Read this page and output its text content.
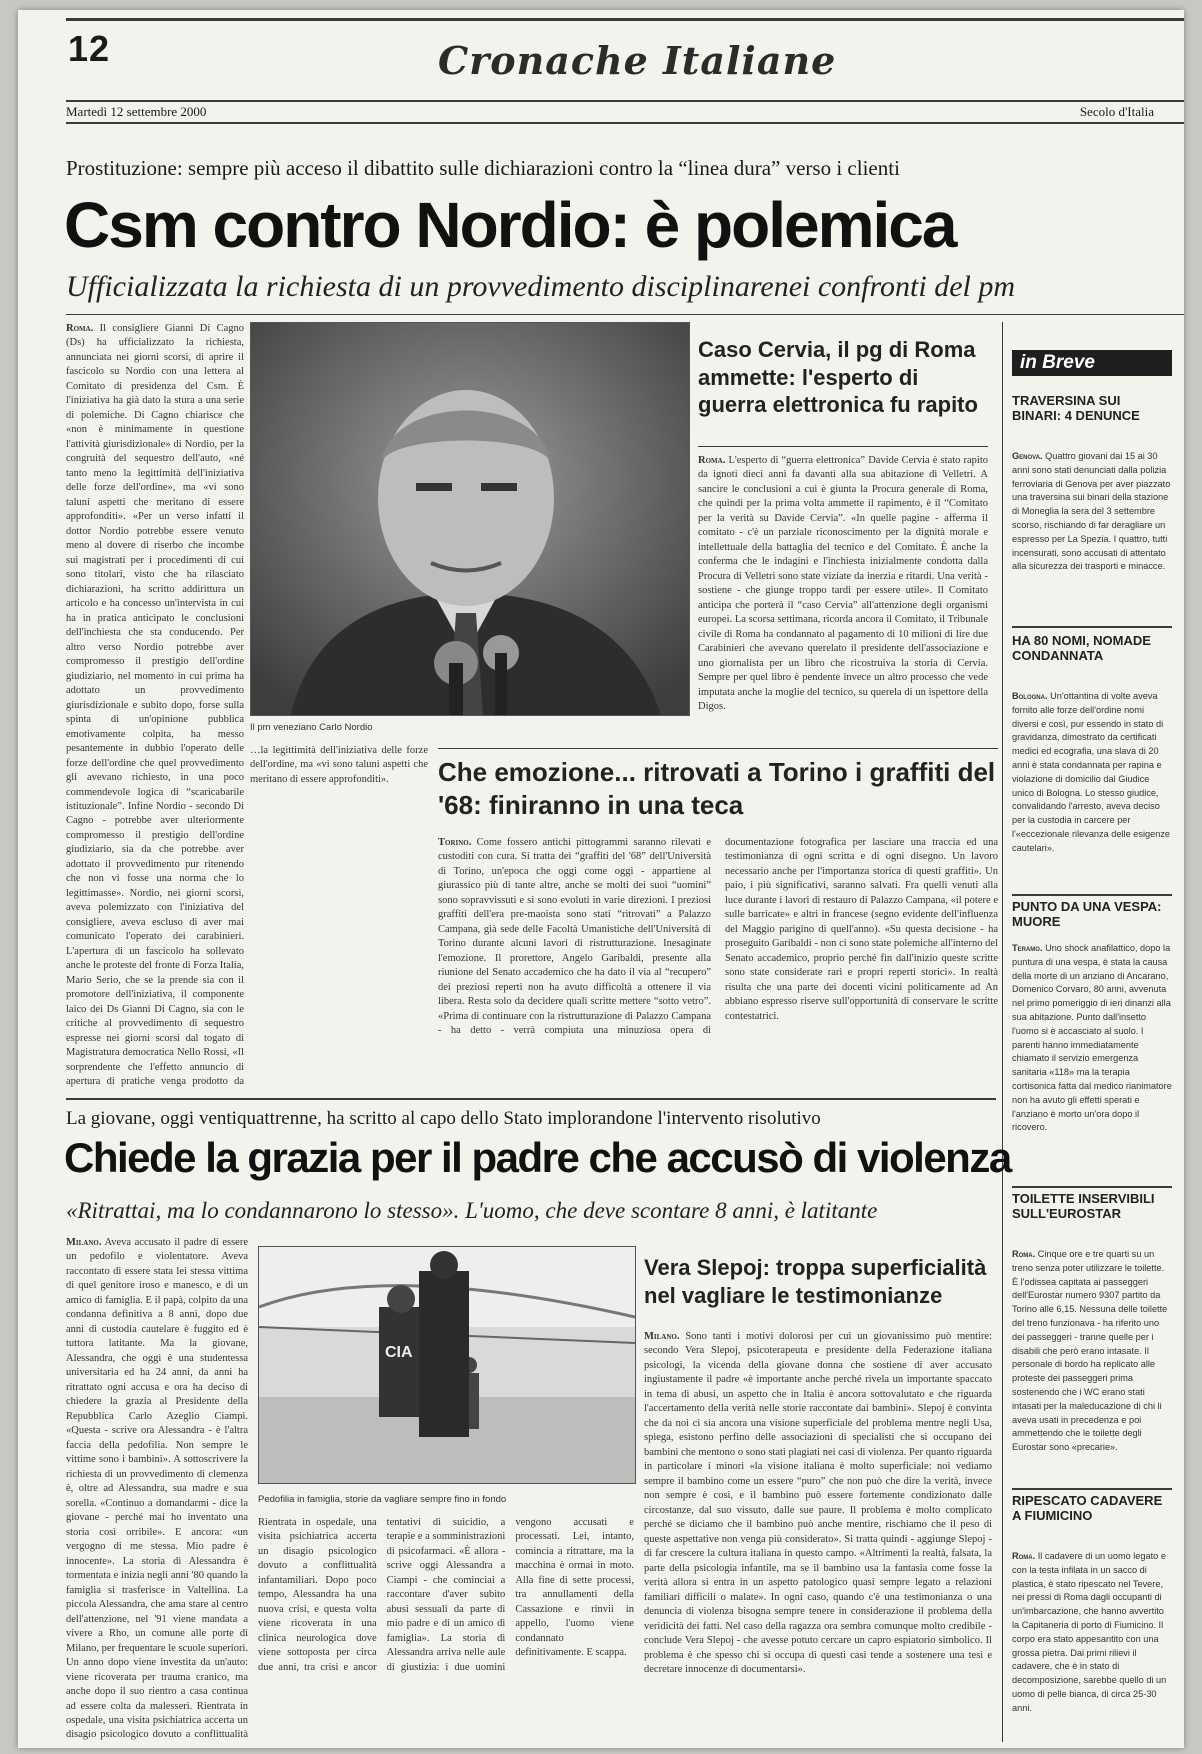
12	Cronache Italiane
Martedì 12 settembre 2000	Secolo d'Italia
Prostituzione: sempre più acceso il dibattito sulle dichiarazioni contro la “linea dura” verso i clienti
Csm contro Nordio: è polemica
Ufficializzata la richiesta di un provvedimento disciplinarenei confronti del pm
Roma. Il consigliere Gianni Di Cagno (Ds) ha ufficializzato la richiesta, annunciata nei giorni scorsi, di aprire il fascicolo su Nordio con una lettera al Comitato di presidenza del Csm. È l'iniziativa ha già dato la stura a una serie di polemiche. Di Cagno chiarisce che «non è minimamente in questione l'attività giurisdizionale» di Nordio, per la congruità del sequestro dell'auto, «né tanto meno la legittimità dell'iniziativa delle forze dell'ordine», ma «vi sono taluni aspetti che meritano di essere approfonditi». «Per un verso infatti il dottor Nordio potrebbe essere venuto meno al dovere di riserbo che incombe sui magistrati per i procedimenti di cui sono titolari, visto che ha rilasciato dichiarazioni, ha scritto addirittura un articolo e ha concesso un'intervista in cui ha in pratica anticipato le conclusioni dell'inchiesta che sta conducendo. Per altro verso Nordio potrebbe aver compromesso il prestigio dell'ordine giudiziario, nel momento in cui prima ha adottato un provvedimento giurisdizionale e subito dopo, forse sulla spinta di un'opinione pubblica emotivamente colpita, ha messo pesantemente in dubbio l'operato delle forze dell'ordine che quel provvedimento gli avevano richiesto, in una poco commendevole logica di “scaricabarile istituzionale”. Infine Nordio - secondo Di Cagno - potrebbe aver ulteriormente compromesso il prestigio dell'ordine giudiziario, sia da che potrebbe aver adottato il provvedimento pur ritenendo che non vi fosse una norma che lo legittimasse». Nordio, nei giorni scorsi, aveva polemizzato con l'iniziativa del consigliere, aveva escluso di aver mai comunicato l'operato dei carabinieri. L'apertura di un fascicolo ha sollevato anche le proteste del fronte di Forza Italia, Mario Serio, che se la prende sia con il promotore dell'iniziativa, il componente laico dei Ds Gianni Di Cagno, sia con le critiche al provvedimento di sequestro espresse nei giorni scorsi dal togato di Magistratura democratica Nello Rossi, «Il sorprendente che l'effetto annuncio di apertura di pratiche venga prodotto da
Il pm veneziano Carlo Nordio
…la legittimità dell'iniziativa delle forze dell'ordine, ma «vi sono taluni aspetti che meritano di essere approfonditi».
Caso Cervia, il pg di Roma ammette: l'esperto di guerra elettronica fu rapito
Roma. L'esperto di “guerra elettronica” Davide Cervia è stato rapito da ignoti dieci anni fa davanti alla sua abitazione di Velletri. A sancire le conclusioni a cui è giunta la Procura generale di Roma, che quindi per la prima volta ammette il rapimento, è il “Comitato per la verità su Davide Cervia”. «In quelle pagine - afferma il comitato - c'è un parziale riconoscimento per la dignità morale e intellettuale della battaglia del tecnico e del Comitato. È anche la conferma che le indagini e l'inchiesta inizialmente condotta dalla Procura di Velletri sono state viziate da inerzia e ritardi. Una verità - sostiene - che giunge troppo tardi per essere utile». Il Comitato anticipa che porterà il “caso Cervia” all'attenzione degli organismi europei. La scorsa settimana, ricorda ancora il Comitato, il Tribunale civile di Roma ha condannato al pagamento di 10 milioni di lire due Carabinieri che avevano querelato il presidente dell'associazione e uno giornalista per un libro che ricostruiva la storia di Cervia. Sempre per quel libro è pendente invece un altro processo che vede imputata anche la moglie del tecnico, su querela di un ispettore della Digos.
Che emozione... ritrovati a Torino i graffiti del '68: finiranno in una teca
Torino. Come fossero antichi pittogrammi saranno rilevati e custoditi con cura. Si tratta dei “graffiti del '68” dell'Università di Torino, un'epoca che oggi come oggi - appartiene al giurassico più di tante altre, anche se molti dei suoi “uomini” sono sopravvissuti e si sono evoluti in varie direzioni. I preziosi graffiti dell'era pre-maoista sono stati “ritrovati” a Palazzo Campana, già sede delle Facoltà Umanistiche dell'Università di Torino durante alcuni lavori di ristrutturazione. Inesaginate l'emozione. Il prorettore, Angelo Garibaldi, presente alla riunione del Senato accademico che ha dato il via al “recupero” dei preziosi reperti non ha avuto difficoltà a ottenere il via libera. Resta solo da decidere quali scritte mettere “sotto vetro”. «Prima di continuare con la ristrutturazione di Palazzo Campana - ha detto - verrà compiuta una minuziosa opera di documentazione fotografica per lasciare una traccia ed una testimonianza di ogni scritta e di ogni disegno. Un lavoro necessario anche per l'importanza storica di questi graffiti». Un paio, i più significativi, saranno salvati. Fra quelli venuti alla luce durante i lavori di restauro di Palazzo Campana, «il potere e sulle barricate» e altri in francese (segno evidente dell'influenza del Maggio parigino di quell'anno). «Su questa decisione - ha proseguito Garibaldi - non ci sono state polemiche all'interno del Senato accademico, proprio perché fin dall'inizio queste scritte sono state considerate rari e propri reperti storici». In realtà risulta che una parte dei docenti vicini politicamente ad An abbiano espresso riserve sull'opportunità di conservare le scritte contestatrici.
in Breve
TRAVERSINA SUI BINARI: 4 DENUNCE
Genova. Quattro giovani dai 15 ai 30 anni sono stati denunciati dalla polizia ferroviaria di Genova per aver piazzato una traversina sui binari della stazione di Moneglia la sera del 3 settembre scorso, rischiando di far deragliare un espresso per La Spezia. I quattro, tutti incensurati, sono accusati di attentato alla sicurezza dei trasporti e minacce.
HA 80 NOMI, NOMADE CONDANNATA
Bologna. Un'ottantina di volte aveva fornito alle forze dell'ordine nomi diversi e così, pur essendo in stato di gravidanza, dimostrato da certificati medici ed ecografia, una slava di 20 anni è stata condannata per rapina e violazione di domicilio dal Giudice unico di Bologna. Lo stesso giudice, convalidando l'arresto, aveva deciso per la custodia in carcere per l'«eccezionale rilevanza delle esigenze cautelari».
PUNTO DA UNA VESPA: MUORE
Teramo. Uno shock anafilattico, dopo la puntura di una vespa, è stata la causa della morte di un anziano di Ancarano, Domenico Corvaro, 80 anni, avvenuta nel primo pomeriggio di ieri dinanzi alla sua abitazione. Punto dall'insetto l'uomo si è accasciato al suolo. I parenti hanno immediatamente chiamato il servizio emergenza sanitaria «118» ma la terapia cortisonica fatta dal medico rianimatore non ha avuto gli effetti sperati e l'anziano è morto un'ora dopo il ricovero.
TOILETTE INSERVIBILI SULL'EUROSTAR
Roma. Cinque ore e tre quarti su un treno senza poter utilizzare le toilette. È l'odissea capitata ai passeggeri dell'Eurostar numero 9307 partito da Torino alle 6,15. Nessuna delle toilette del treno funzionava - ha riferito uno dei passeggeri - tranne quelle per i disabili che però erano intasate. Il personale di bordo ha replicato alle proteste dei passeggeri prima sostenendo che i WC erano stati intasati per la maleducazione di chi li aveva usati in precedenza e poi ammettendo che le toilette degli Eurostar sono «precarie».
RIPESCATO CADAVERE A FIUMICINO
Roma. Il cadavere di un uomo legato e con la testa infilata in un sacco di plastica, è stato ripescato nel Tevere, nei pressi di Roma dagli occupanti di un'imbarcazione, che hanno avvertito la Capitaneria di porto di Fiumicino. Il corpo era stato appesantito con una grossa pietra. Dai primi rilievi il cadavere, che è in stato di decomposizione, sarebbe quello di un uomo di pelle bianca, di circa 25-30 anni.
La giovane, oggi ventiquattrenne, ha scritto al capo dello Stato implorandone l'intervento risolutivo
Chiede la grazia per il padre che accusò di violenza
«Ritrattai, ma lo condannarono lo stesso». L'uomo, che deve scontare 8 anni, è latitante
Milano. Aveva accusato il padre di essere un pedofilo e violentatore. Aveva raccontato di essere stata lei stessa vittima di quel genitore iroso e manesco, e di un amico di famiglia. E il papà, colpito da una condanna definitiva a 8 anni, dopo due anni di custodia cautelare è fuggito ed è tuttora latitante. Ma la giovane, Alessandra, che oggi è una studentessa universitaria ed ha 24 anni, da anni ha ritrattato ogni accusa e ora ha deciso di chiedere la grazia al Presidente della Repubblica Carlo Azeglio Ciampi. «Questa - scrive ora Alessandra - è l'altra faccia della pedofilia. Non sempre le vittime sono i bambini». A sottoscrivere la richiesta di un provvedimento di clemenza è, oltre ad Alessandra, sua madre e sua sorella. «Continuo a domandarmi - dice la giovane - perché mai ho inventato una storia così orribile». E ancora: «un vergogno di me stessa. Mio padre è innocente». La storia di Alessandra è tormentata e inizia negli anni '80 quando la famiglia si trasferisce in Valtellina. La piccola Alessandra, che ama stare al centro dell'attenzione, nel '91 viene mandata a vivere a Rho, un comune alle porte di Milano, per frequentare le scuole superiori. Un anno dopo viene investita da un'auto: viene ricoverata per trauma cranico, ma anche dopo il suo rientro a casa continua ad essere colta da malesseri. Rientrata in ospedale, una visita psichiatrica accerta un disagio psicologico dovuto a conflittualità
CIA
Pedofilia in famiglia, storie da vagliare sempre fino in fondo
Vera Slepoj: troppa superficialità nel vagliare le testimonianze
Milano. Sono tanti i motivi dolorosi per cui un giovanissimo può mentire: secondo Vera Slepoj, psicoterapeuta e presidente della Federazione italiana psicologi, la vicenda della giovane donna che sostiene di aver accusato ingiustamente il padre «è importante anche perché rivela un importante spaccato in tema di abusi, un aspetto che in Italia è ancora sottovalutato e che riguarda l'accertamento della verità nelle storie raccontate dai bambini». Slepoj è convinta che da noi ci sia ancora una visione superficiale del problema mentre negli Usa, spiega, esistono perfino delle associazioni di specialisti che si occupano dei bambini che mentono o sono stati plagiati nei casi di violenza. Per quanto riguarda in particolare i minori «la visione italiana è molto superficiale: noi vediamo sempre il bambino come un essere “puro” che non può che dire la verità, invece non sempre è così, e il bambino può essere fortemente condizionato dalle circostanze, dal suo vissuto, dalle sue paure. Il problema è molto complicato perché se diciamo che il bambino può anche mentire, rischiamo che il peso di queste aspettative non venga più considerato». Si tratta quindi - aggiunge Slepoj - di far crescere la cultura italiana in questo campo. «Altrimenti la realtà, falsata, la parte della psicologia infantile, ma se il bambino usa la fantasia come fosse la verità allora si entra in un aspetto patologico quasi sempre legato a relazioni familiari difficili o malate». In ogni caso, quando c'è una testimonianza o una denuncia di violenza bisogna sempre tenere in considerazione il problema della veridicità dei fatti. Nel caso della ragazza ora sembra comunque molto credibile - conclude Vera Slepoj - che avesse potuto cercare un capro espiatorio simbolico. Il problema è che spesso chi si occupa di questi casi tende a sostenere una tesi e decretare innocenze di documentarsi».
Rientrata in ospedale, una visita psichiatrica accerta un disagio psicologico dovuto a conflittualità infantamiliari. Dopo poco tempo, Alessandra ha una nuova crisi, e questa volta viene ricoverata in una clinica neurologica dove viene sottoposta per circa due anni, tra crisi e ancor tentativi di suicidio, a terapie e a somministrazioni di psicofarmaci. «È allora - scrive oggi Alessandra a Ciampi - che cominciai a raccontare d'aver subito abusi sessuali da parte di mio padre e di un amico di famiglia». La storia di Alessandra arriva nelle aule di giustizia: i due uomini vengono accusati e processati. Lei, intanto, comincia a ritrattare, ma la macchina è ormai in moto. Alla fine di sette processi, tra annullamenti della Cassazione e rinvii in appello, l'uomo viene condannato definitivamente. E scappa.
